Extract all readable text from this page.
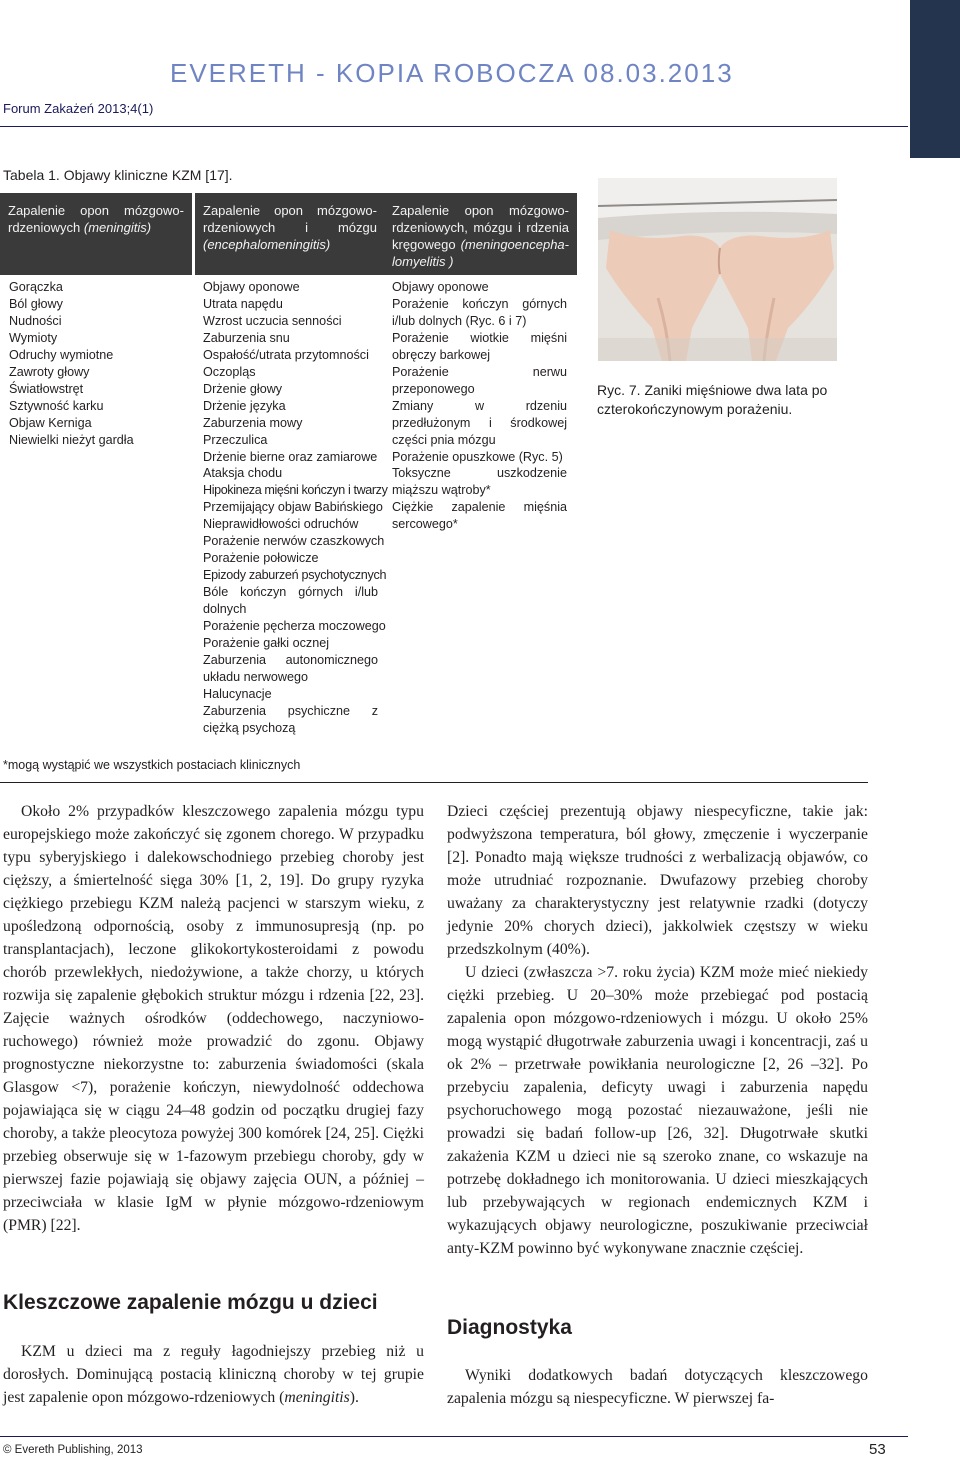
EVERETH - KOPIA ROBOCZA 08.03.2013
Forum Zakażeń 2013;4(1)
Tabela 1. Objawy kliniczne KZM [17].
Zapalenie opon mózgowordzeniowych (meningitis)
Zapalenie opon mózgowordzeniowych i mózgu (encephalomeningitis)
Zapalenie opon mózgowordzeniowych, mózgu i rdzenia kręgowego (meningoencephalomyelitis )
Gorączka
Ból głowy
Nudności
Wymioty
Odruchy wymiotne
Zawroty głowy
Światłowstręt
Sztywność karku
Objaw Kerniga
Niewielki nieżyt gardła
Objawy oponowe
Utrata napędu
Wzrost uczucia senności
Zaburzenia snu
Ospałość/utrata przytomności
Oczopląs
Drżenie głowy
Drżenie języka
Zaburzenia mowy
Przeczulica
Drżenie bierne oraz zamiarowe
Ataksja chodu
Hipokineza mięśni kończyn i twarzy
Przemijający objaw Babińskiego
Nieprawidłowości odruchów
Porażenie nerwów czaszkowych
Porażenie połowicze
Epizody zaburzeń psychotycznych
Bóle kończyn górnych i/lub dolnych
Porażenie pęcherza moczowego
Porażenie gałki ocznej
Zaburzenia autonomicznego układu nerwowego
Halucynacje
Zaburzenia psychiczne z ciężką psychozą
Objawy oponowe
Porażenie kończyn górnych i/lub dolnych (Ryc. 6 i 7)
Porażenie wiotkie mięśni obręczy barkowej
Porażenie nerwu przeponowego
Zmiany w rdzeniu przedłużonym i środkowej części pnia mózgu
Porażenie opuszkowe (Ryc. 5)
Toksyczne uszkodzenie miąższu wątroby*
Ciężkie zapalenie mięśnia sercowego*
*mogą wystąpić we wszystkich postaciach klinicznych
Ryc. 7. Zaniki mięśniowe dwa lata po czterokończynowym porażeniu.

Około 2% przypadków kleszczowego zapalenia mózgu typu europejskiego może zakończyć się zgonem chorego. W przypadku typu syberyjskiego i dalekowschodniego przebieg choroby jest cięższy, a śmiertelność sięga 30% [1, 2, 19]. Do grupy ryzyka ciężkiego przebiegu KZM należą pacjenci w starszym wieku, z upośledzoną odpornością, osoby z immunosupresją (np. po transplantacjach), leczone glikokortykosteroidami z powodu chorób przewlekłych, niedożywione, a także chorzy, u których rozwija się zapalenie głębokich struktur mózgu i rdzenia [22, 23]. Zajęcie ważnych ośrodków (oddechowego, naczyniowo-ruchowego) również może prowadzić do zgonu. Objawy prognostyczne niekorzystne to: zaburzenia świadomości (skala Glasgow <7), porażenie kończyn, niewydolność oddechowa pojawiająca się w ciągu 24–48 godzin od początku drugiej fazy choroby, a także pleocytoza powyżej 300 komórek [24, 25]. Ciężki przebieg obserwuje się w 1-fazowym przebiegu choroby, gdy w pierwszej fazie pojawiają się objawy zajęcia OUN, a później – przeciwciała w klasie IgM w płynie mózgowo-rdzeniowym (PMR) [22].

Kleszczowe zapalenie mózgu u dzieci

KZM u dzieci ma z reguły łagodniejszy przebieg niż u dorosłych. Dominującą postacią kliniczną choroby w tej grupie jest zapalenie opon mózgowo-rdzeniowych (meningitis).

Dzieci częściej prezentują objawy niespecyficzne, takie jak: podwyższona temperatura, ból głowy, zmęczenie i wyczerpanie [2]. Ponadto mają większe trudności z werbalizacją objawów, co może utrudniać rozpoznanie. Dwufazowy przebieg choroby uważany za charakterystyczny jest relatywnie rzadki (dotyczy jedynie 20% chorych dzieci), jakkolwiek częstszy w wieku przedszkolnym (40%).

U dzieci (zwłaszcza >7. roku życia) KZM może mieć niekiedy ciężki przebieg. U 20–30% może przebiegać pod postacią zapalenia opon mózgowo-rdzeniowych i mózgu. U około 25% mogą wystąpić długotrwałe zaburzenia uwagi i koncentracji, zaś u ok 2% – przetrwałe powikłania neurologiczne [2, 26 –32]. Po przebyciu zapalenia, deficyty uwagi i zaburzenia napędu psychoruchowego mogą pozostać niezauważone, jeśli nie prowadzi się badań follow-up [26, 32]. Długotrwałe skutki zakażenia KZM u dzieci nie są szeroko znane, co wskazuje na potrzebę dokładnego ich monitorowania. U dzieci mieszkających lub przebywających w regionach endemicznych KZM i wykazujących objawy neurologiczne, poszukiwanie przeciwciał anty-KZM powinno być wykonywane znacznie częściej.

Diagnostyka

Wyniki dodatkowych badań dotyczących kleszczowego zapalenia mózgu są niespecyficzne. W pierwszej fa-

© Evereth Publishing, 2013	53
